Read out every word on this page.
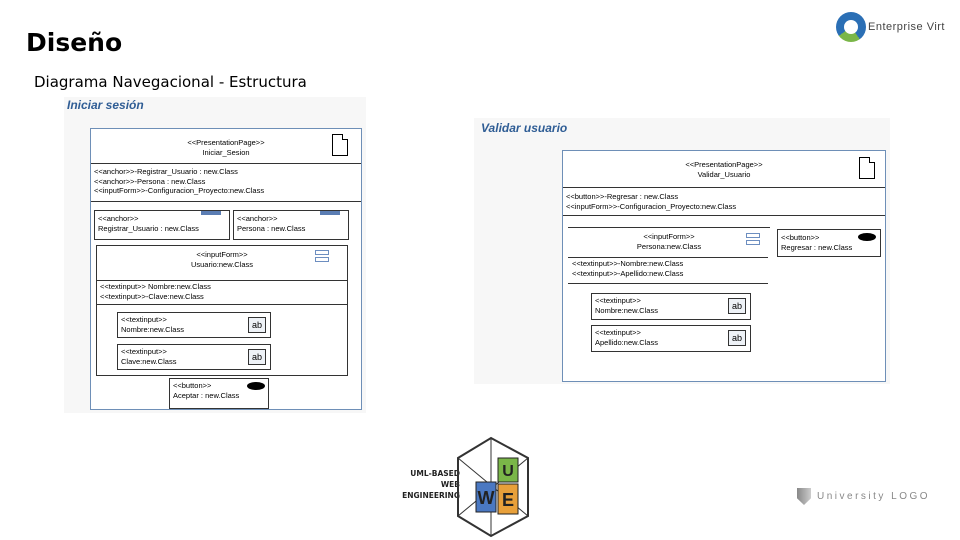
Diseño
Diagrama Navegacional - Estructura
Enterprise Virt
Iniciar sesión
<<PresentationPage>>
Iniciar_Sesion
<<anchor>>-Registrar_Usuario : new.Class
<<anchor>>-Persona : new.Class
<<inputForm>>-Configuracion_Proyecto:new.Class
<<anchor>>
Registrar_Usuario : new.Class
<<anchor>>
Persona : new.Class
<<inputForm>>
Usuario:new.Class
<<textinput>> Nombre:new.Class
<<textinput>>-Clave:new.Class
<<textinput>>
Nombre:new.Class	ab
<<textinput>>
Clave:new.Class	ab
<<button>>
Aceptar : new.Class
Validar usuario
<<PresentationPage>>
Validar_Usuario
<<button>>-Regresar : new.Class
<<inputForm>>-Configuracion_Proyecto:new.Class
<<inputForm>>
Persona:new.Class
<<textinput>>-Nombre:new.Class
<<textinput>>-Apellido:new.Class
<<textinput>>
Nombre:new.Class	ab
<<textinput>>
Apellido:new.Class	ab
<<button>>
Regresar : new.Class
UML-BASED
WEB
ENGINEERING W
U
E	University LOGO
